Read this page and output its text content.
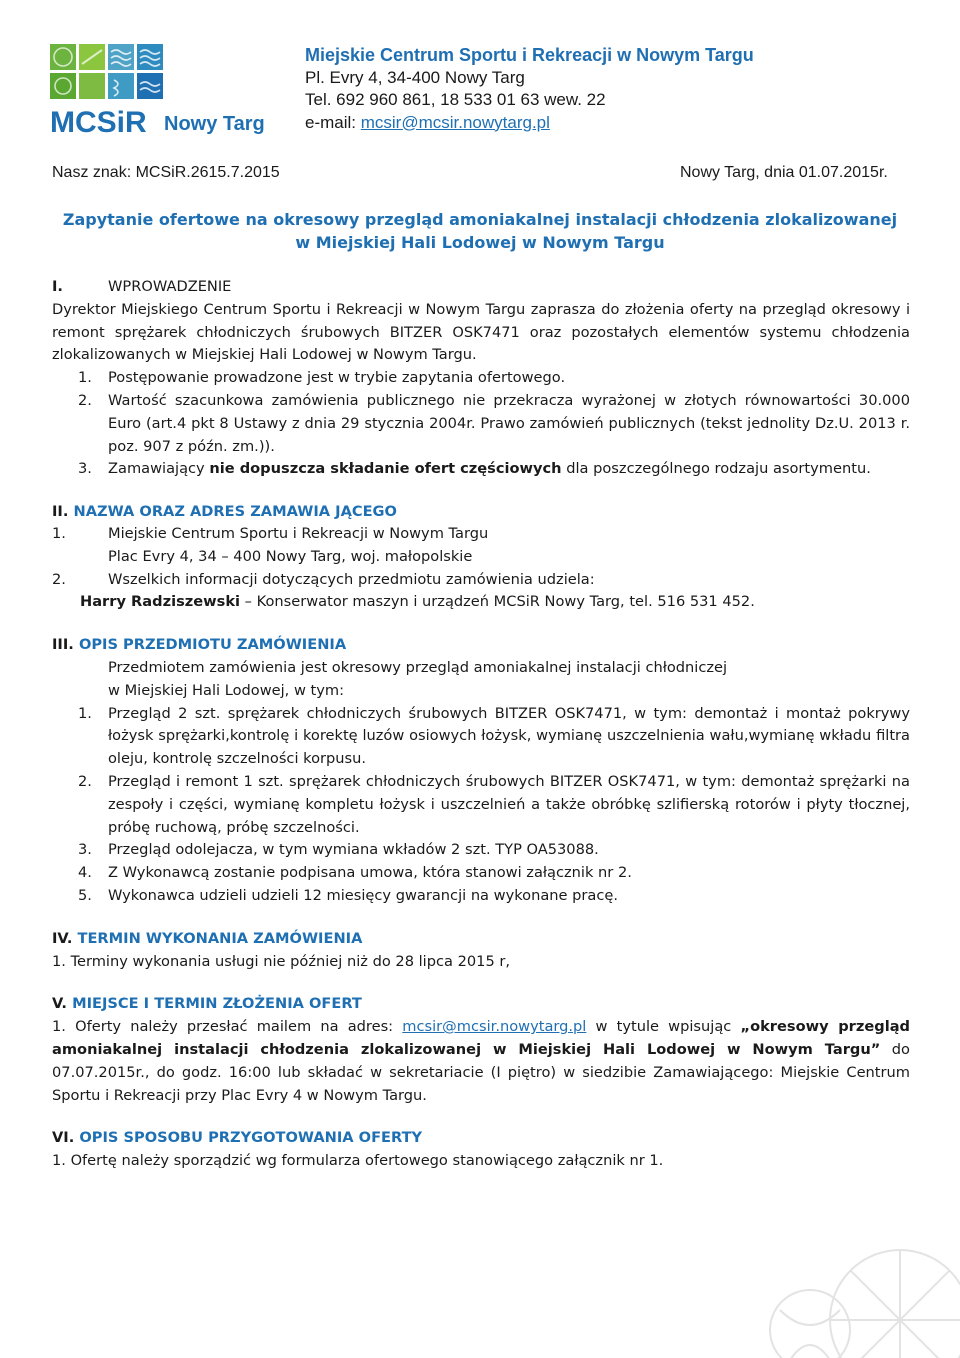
MCSiR Nowy Targ
Miejskie Centrum Sportu i Rekreacji w Nowym Targu
Pl. Evry 4, 34-400 Nowy Targ
Tel. 692 960 861, 18 533 01 63 wew. 22
e-mail: mcsir@mcsir.nowytarg.pl
Nasz znak: MCSiR.2615.7.2015	Nowy Targ, dnia 01.07.2015r.
Zapytanie ofertowe na okresowy przegląd amoniakalnej instalacji chłodzenia zlokalizowanej
w Miejskiej Hali Lodowej w Nowym Targu
I.	WPROWADZENIE
Dyrektor Miejskiego Centrum Sportu i Rekreacji w Nowym Targu zaprasza do złożenia oferty na przegląd okresowy i remont sprężarek chłodniczych śrubowych BITZER OSK7471 oraz pozostałych elementów systemu chłodzenia zlokalizowanych w Miejskiej Hali Lodowej w Nowym Targu.
1.	Postępowanie prowadzone jest w trybie zapytania ofertowego.
2.	Wartość szacunkowa zamówienia publicznego nie przekracza wyrażonej w złotych równowartości 30.000 Euro (art.4 pkt 8 Ustawy z dnia 29 stycznia 2004r. Prawo zamówień publicznych (tekst jednolity Dz.U. 2013 r. poz. 907 z późn. zm.)).
3.	Zamawiający nie dopuszcza składanie ofert częściowych dla poszczególnego rodzaju asortymentu.
II. NAZWA ORAZ ADRES ZAMAWIA JĄCEGO
1.	Miejskie Centrum Sportu i Rekreacji w Nowym Targu
Plac Evry 4, 34 – 400 Nowy Targ, woj. małopolskie
2.	Wszelkich informacji dotyczących przedmiotu zamówienia udziela:
Harry Radziszewski – Konserwator maszyn i urządzeń MCSiR Nowy Targ, tel. 516 531 452.
III. OPIS PRZEDMIOTU ZAMÓWIENIA
Przedmiotem zamówienia jest okresowy przegląd amoniakalnej instalacji chłodniczej
w Miejskiej Hali Lodowej, w tym:
1.	Przegląd 2 szt. sprężarek chłodniczych śrubowych BITZER OSK7471, w tym: demontaż i montaż pokrywy łożysk sprężarki,kontrolę i korektę luzów osiowych łożysk, wymianę uszczelnienia wału,wymianę wkładu filtra oleju, kontrolę szczelności korpusu.
2.	Przegląd i remont 1 szt. sprężarek chłodniczych śrubowych BITZER OSK7471, w tym: demontaż sprężarki na zespoły i części, wymianę kompletu łożysk i uszczelnień a także obróbkę szlifierską rotorów i płyty tłocznej, próbę ruchową, próbę szczelności.
3.	Przegląd odolejacza, w tym wymiana wkładów 2 szt. TYP OA53088.
4.	Z Wykonawcą zostanie podpisana umowa, która stanowi załącznik nr 2.
5.	Wykonawca udzieli udzieli 12 miesięcy gwarancji na wykonane pracę.
IV. TERMIN WYKONANIA ZAMÓWIENIA
1. Terminy wykonania usługi nie później niż do 28 lipca 2015 r,
V. MIEJSCE I TERMIN ZŁOŻENIA OFERT
1. Oferty należy przesłać mailem na adres: mcsir@mcsir.nowytarg.pl w tytule wpisując „okresowy przegląd amoniakalnej instalacji chłodzenia zlokalizowanej w Miejskiej Hali Lodowej w Nowym Targu” do 07.07.2015r., do godz. 16:00 lub składać w sekretariacie (I piętro) w siedzibie Zamawiającego: Miejskie Centrum Sportu i Rekreacji przy Plac Evry 4 w Nowym Targu.
VI. OPIS SPOSOBU PRZYGOTOWANIA OFERTY
1. Ofertę należy sporządzić wg formularza ofertowego stanowiącego załącznik nr 1.
